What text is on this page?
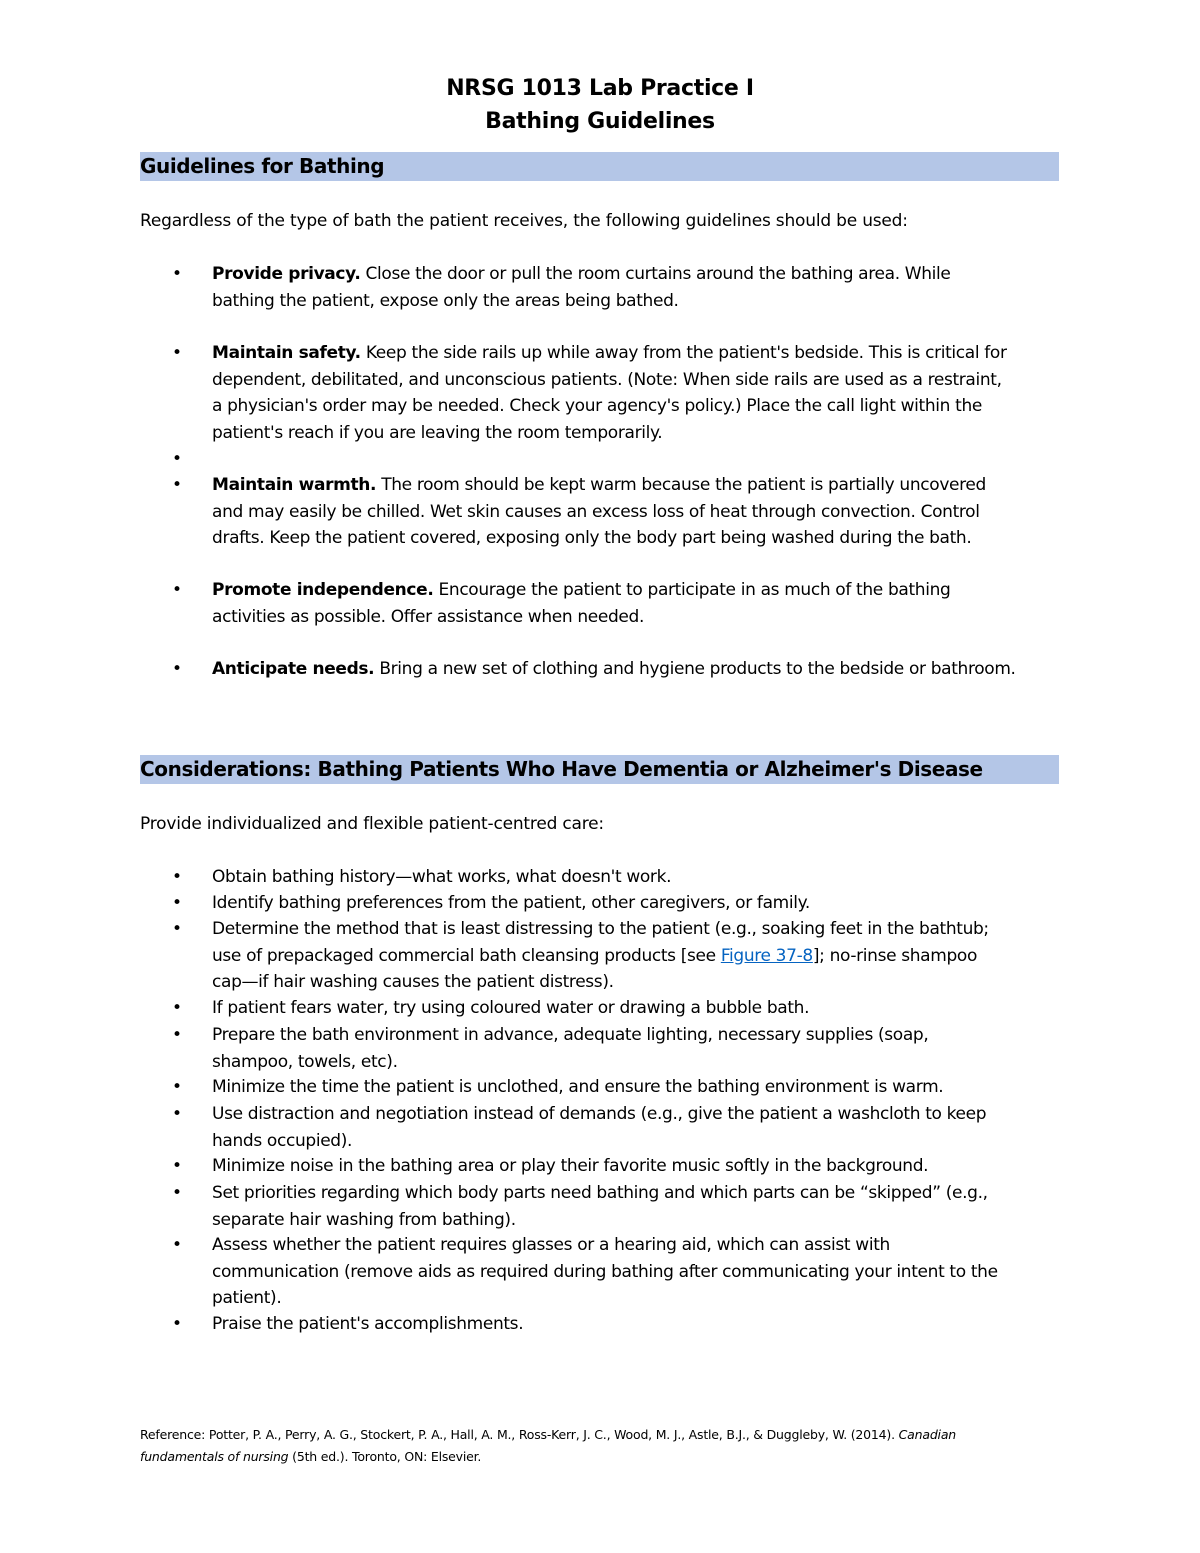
NRSG 1013 Lab Practice I
Bathing Guidelines
Guidelines for Bathing
Regardless of the type of bath the patient receives, the following guidelines should be used:
• Provide privacy. Close the door or pull the room curtains around the bathing area. While
bathing the patient, expose only the areas being bathed.
• Maintain safety. Keep the side rails up while away from the patient's bedside. This is critical for
dependent, debilitated, and unconscious patients. (Note: When side rails are used as a restraint,
a physician's order may be needed. Check your agency's policy.) Place the call light within the
patient's reach if you are leaving the room temporarily.
•
• Maintain warmth. The room should be kept warm because the patient is partially uncovered
and may easily be chilled. Wet skin causes an excess loss of heat through convection. Control
drafts. Keep the patient covered, exposing only the body part being washed during the bath.
• Promote independence. Encourage the patient to participate in as much of the bathing
activities as possible. Offer assistance when needed.
• Anticipate needs. Bring a new set of clothing and hygiene products to the bedside or bathroom.
Considerations: Bathing Patients Who Have Dementia or Alzheimer's Disease
Provide individualized and flexible patient-centred care:
• Obtain bathing history—what works, what doesn't work.
• Identify bathing preferences from the patient, other caregivers, or family.
• Determine the method that is least distressing to the patient (e.g., soaking feet in the bathtub;
use of prepackaged commercial bath cleansing products [see Figure 37-8]; no-rinse shampoo
cap—if hair washing causes the patient distress).
• If patient fears water, try using coloured water or drawing a bubble bath.
• Prepare the bath environment in advance, adequate lighting, necessary supplies (soap,
shampoo, towels, etc).
• Minimize the time the patient is unclothed, and ensure the bathing environment is warm.
• Use distraction and negotiation instead of demands (e.g., give the patient a washcloth to keep
hands occupied).
• Minimize noise in the bathing area or play their favorite music softly in the background.
• Set priorities regarding which body parts need bathing and which parts can be “skipped” (e.g.,
separate hair washing from bathing).
• Assess whether the patient requires glasses or a hearing aid, which can assist with
communication (remove aids as required during bathing after communicating your intent to the
patient).
• Praise the patient's accomplishments.
Reference: Potter, P. A., Perry, A. G., Stockert, P. A., Hall, A. M., Ross-Kerr, J. C., Wood, M. J., Astle, B.J., & Duggleby, W. (2014). Canadian
fundamentals of nursing (5th ed.). Toronto, ON: Elsevier.
